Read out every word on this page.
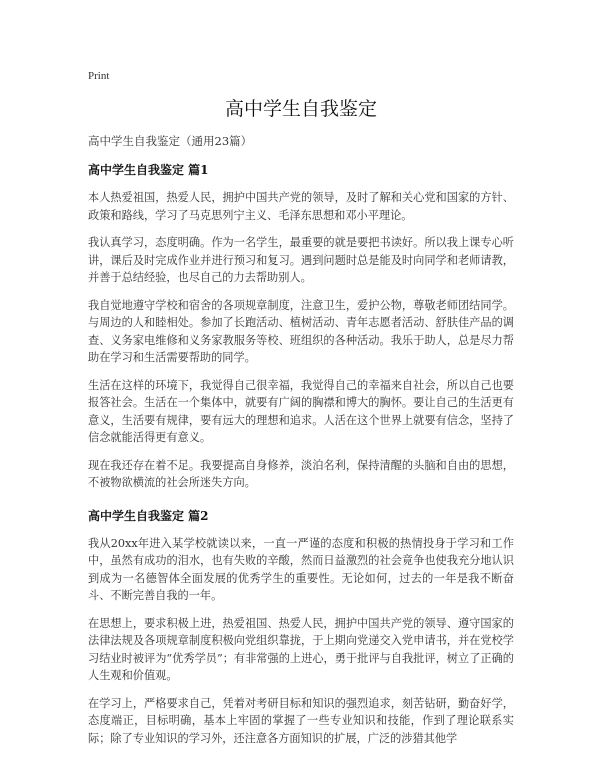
Print
高中学生自我鉴定

高中学生自我鉴定（通用23篇）

高中学生自我鉴定 篇1

本人热爱祖国，热爱人民，拥护中国共产党的领导，及时了解和关心党和国家的方针、政策和路线，学习了马克思列宁主义、毛泽东思想和邓小平理论。

我认真学习，态度明确。作为一名学生，最重要的就是要把书读好。所以我上课专心听讲，课后及时完成作业并进行预习和复习。遇到问题时总是能及时向同学和老师请教，并善于总结经验，也尽自己的力去帮助别人。

我自觉地遵守学校和宿舍的各项规章制度，注意卫生，爱护公物，尊敬老师团结同学。与周边的人和睦相处。参加了长跑活动、植树活动、青年志愿者活动、舒肤佳产品的调查、义务家电维修和义务家教服务等校、班组织的各种活动。我乐于助人，总是尽力帮助在学习和生活需要帮助的同学。

生活在这样的环境下，我觉得自己很幸福，我觉得自己的幸福来自社会，所以自己也要报答社会。生活在一个集体中，就要有广阔的胸襟和博大的胸怀。要让自己的生活更有意义，生活要有规律，要有远大的理想和追求。人活在这个世界上就要有信念，坚持了信念就能活得更有意义。

现在我还存在着不足。我要提高自身修养，淡泊名利，保持清醒的头脑和自由的思想，不被物欲横流的社会所迷失方向。

高中学生自我鉴定 篇2

我从20xx年进入某学校就读以来，一直一严谨的态度和积极的热情投身于学习和工作中，虽然有成功的泪水，也有失败的辛酸，然而日益激烈的社会竟争也使我充分地认识到成为一名德智体全面发展的优秀学生的重要性。无论如何，过去的一年是我不断奋斗、不断完善自我的一年。

在思想上，要求积极上进，热爱祖国、热爱人民，拥护中国共产党的领导、遵守国家的法律法规及各项规章制度积极向党组织靠拢，于上期向党递交入党申请书，并在党校学习结业时被评为“优秀学员”；有非常强的上进心，勇于批评与自我批评，树立了正确的人生观和价值观。

在学习上，严格要求自己，凭着对考研目标和知识的强烈追求，刻苦钻研，勤奋好学，态度端正，目标明确，基本上牢固的掌握了一些专业知识和技能，作到了理论联系实际；除了专业知识的学习外，还注意各方面知识的扩展，广泛的涉猎其他学
